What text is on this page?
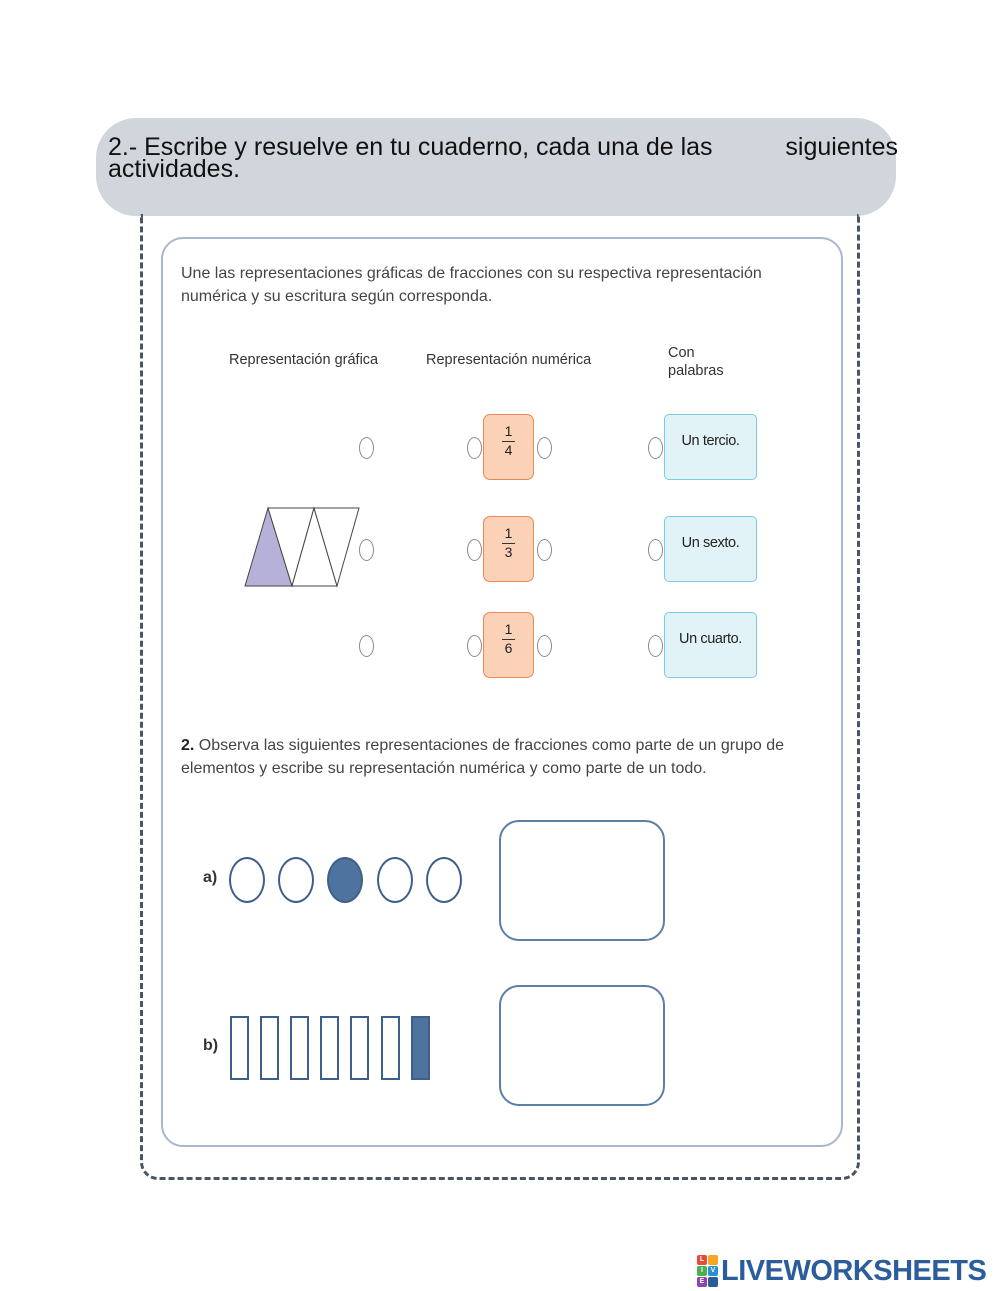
2.- Escribe y resuelve en tu cuaderno, cada una de las	siguientes
actividades.
Une las representaciones gráficas de fracciones con su respectiva representación numérica y su escritura según corresponda.
Representación gráfica	Representación numérica	Con palabras
1
4
1
3
1
6
Un tercio.
Un sexto.
Un cuarto.
2. Observa las siguientes representaciones de fracciones como parte de un grupo de elementos y escribe su representación numérica y como parte de un todo.
a)
b)
L
I	V
E LIVEWORKSHEETS
